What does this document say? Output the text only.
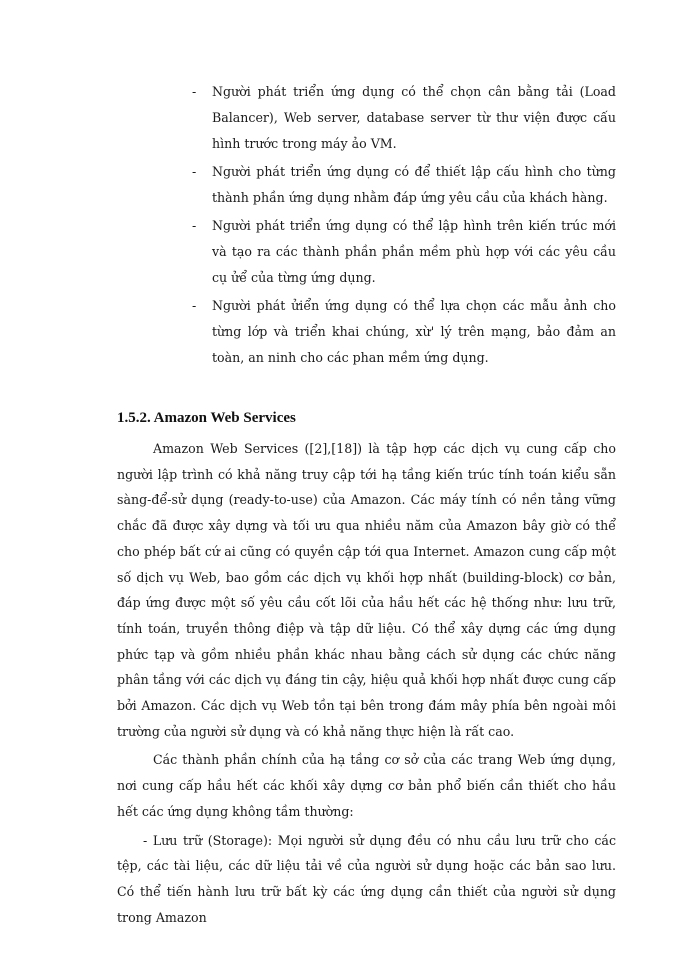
- Người phát triển ứng dụng có thể chọn cân bằng tải (Load Balancer), Web server, database server từ thư viện được cấu hình trước trong máy ảo VM.
- Người phát triển ứng dụng có để thiết lập cấu hình cho từng thành phần ứng dụng nhằm đáp ứng yêu cầu của khách hàng.
- Người phát triển ứng dụng có thể lập hình trên kiến trúc mới và tạo ra các thành phần phần mềm phù hợp với các yêu cầu cụ ửể của từng ứng dụng.
- Người phát ửiển ứng dụng có thể lựa chọn các mẫu ảnh cho từng lớp và triển khai chúng, xừ' lý trên mạng, bảo đảm an toàn, an ninh cho các phan mềm ứng dụng.
1.5.2. Amazon Web Services

Amazon Web Services ([2],[18]) là tập hợp các dịch vụ cung cấp cho người lập trình có khả năng truy cập tới hạ tầng kiến trúc tính toán kiểu sẵn sàng-để-sử dụng (ready-to-use) của Amazon. Các máy tính có nền tảng vững chắc đã được xây dựng và tối ưu qua nhiều năm của Amazon bây giờ có thể cho phép bất cứ ai cũng có quyền cập tới qua Internet. Amazon cung cấp một số dịch vụ Web, bao gồm các dịch vụ khối hợp nhất (building-block) cơ bản, đáp ứng được một số yêu cầu cốt lõi của hầu hết các hệ thống như: lưu trữ, tính toán, truyền thông điệp và tập dữ liệu. Có thể xây dựng các ứng dụng phức tạp và gồm nhiều phần khác nhau bằng cách sử dụng các chức năng phân tầng với các dịch vụ đáng tin cậy, hiệu quả khối hợp nhất được cung cấp bởi Amazon. Các dịch vụ Web tồn tại bên trong đám mây phía bên ngoài môi trường của người sử dụng và có khả năng thực hiện là rất cao.

Các thành phần chính của hạ tầng cơ sở của các trang Web ứng dụng, nơi cung cấp hầu hết các khối xây dựng cơ bản phổ biến cần thiết cho hầu hết các ứng dụng không tầm thường:

- Lưu trữ (Storage): Mọi người sử dụng đều có nhu cầu lưu trữ cho các tệp, các tài liệu, các dữ liệu tải về của người sử dụng hoặc các bản sao lưu. Có thể tiến hành lưu trữ bất kỳ các ứng dụng cần thiết của người sử dụng trong Amazon
